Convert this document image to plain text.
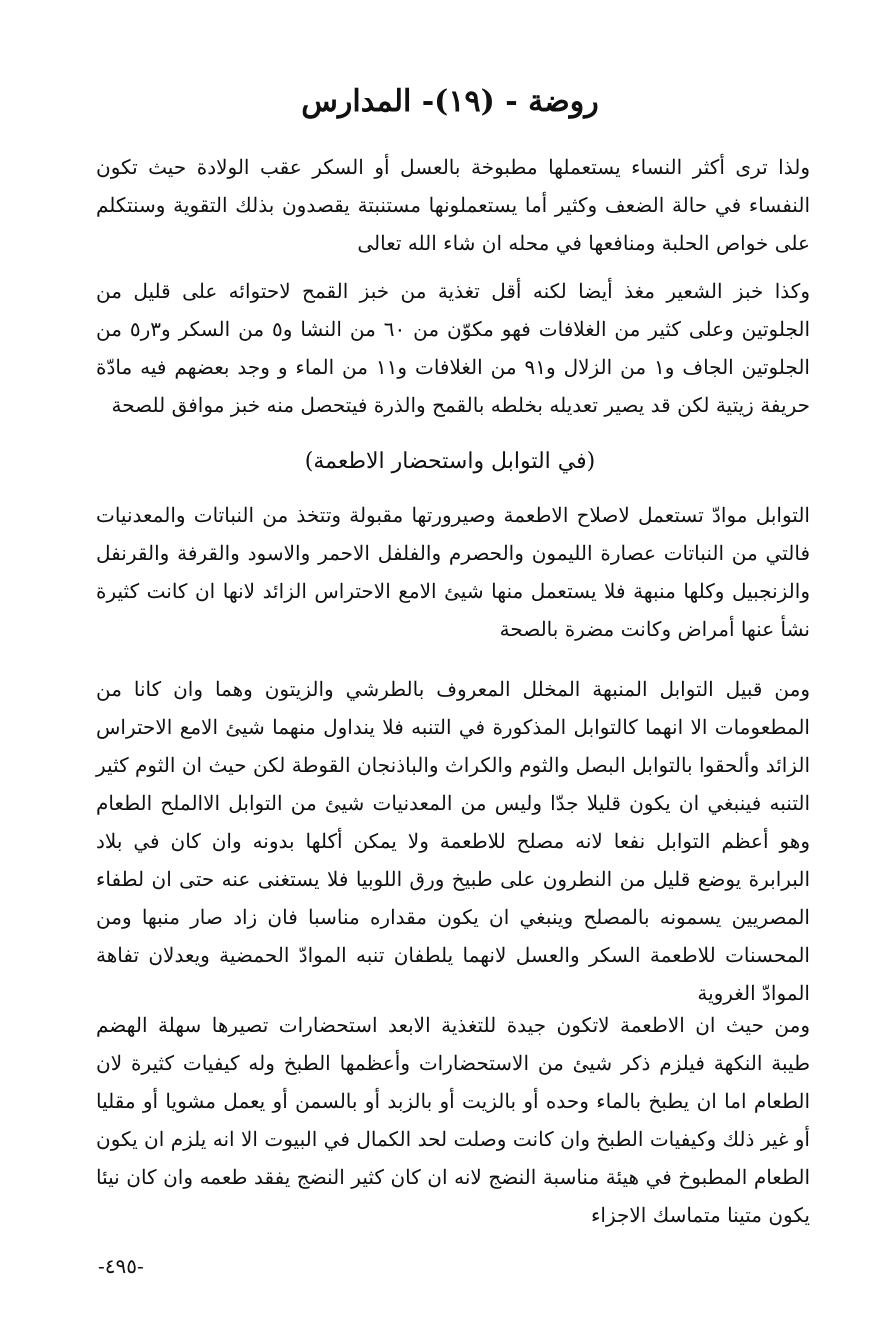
روضة - (١٩)- المدارس

ولذا ترى أكثر النساء يستعملها مطبوخة بالعسل أو السكر عقب الولادة حيث تكون النفساء في حالة الضعف وكثير أما يستعملونها مستنبتة يقصدون بذلك التقوية وسنتكلم على خواص الحلبة ومنافعها في محله ان شاء الله تعالى

وكذا خبز الشعير مغذ أيضا لكنه أقل تغذية من خبز القمح لاحتوائه على قليل من الجلوتين وعلى كثير من الغلافات فهو مكوّن من ٦٠ من النشا و٥ من السكر و٣ر٥ من الجلوتين الجاف و١ من الزلال و٩١ من الغلافات و١١ من الماء و وجد بعضهم فيه مادّة حريفة زيتية لكن قد يصير تعديله بخلطه بالقمح والذرة فيتحصل منه خبز موافق للصحة

(في التوابل واستحضار الاطعمة)

التوابل موادّ تستعمل لاصلاح الاطعمة وصيرورتها مقبولة وتتخذ من النباتات والمعدنيات فالتي من النباتات عصارة الليمون والحصرم والفلفل الاحمر والاسود والقرفة والقرنفل والزنجبيل وكلها منبهة فلا يستعمل منها شيئ الامع الاحتراس الزائد لانها ان كانت كثيرة نشأ عنها أمراض وكانت مضرة بالصحة

ومن قبيل التوابل المنبهة المخلل المعروف بالطرشي والزيتون وهما وان كانا من المطعومات الا انهما كالتوابل المذكورة في التنبه فلا ينداول منهما شيئ الامع الاحتراس الزائد وألحقوا بالتوابل البصل والثوم والكراث والباذنجان القوطة لكن حيث ان الثوم كثير التنبه فينبغي ان يكون قليلا جدّا وليس من المعدنيات شيئ من التوابل الاالملح الطعام وهو أعظم التوابل نفعا لانه مصلح للاطعمة ولا يمكن أكلها بدونه وان كان في بلاد البرابرة يوضع قليل من النطرون على طبيخ ورق اللوبيا فلا يستغنى عنه حتى ان لطفاء المصريين يسمونه بالمصلح وينبغي ان يكون مقداره مناسبا فان زاد صار منبها ومن المحسنات للاطعمة السكر والعسل لانهما يلطفان تنبه الموادّ الحمضية ويعدلان تفاهة الموادّ الغروية

ومن حيث ان الاطعمة لاتكون جيدة للتغذية الابعد استحضارات تصيرها سهلة الهضم طيبة النكهة فيلزم ذكر شيئ من الاستحضارات وأعظمها الطبخ وله كيفيات كثيرة لان الطعام اما ان يطبخ بالماء وحده أو بالزيت أو بالزبد أو بالسمن أو يعمل مشويا أو مقليا أو غير ذلك وكيفيات الطبخ وان كانت وصلت لحد الكمال في البيوت الا انه يلزم ان يكون الطعام المطبوخ في هيئة مناسبة النضج لانه ان كان كثير النضج يفقد طعمه وان كان نيئا يكون متينا متماسك الاجزاء

-٤٩٥-
